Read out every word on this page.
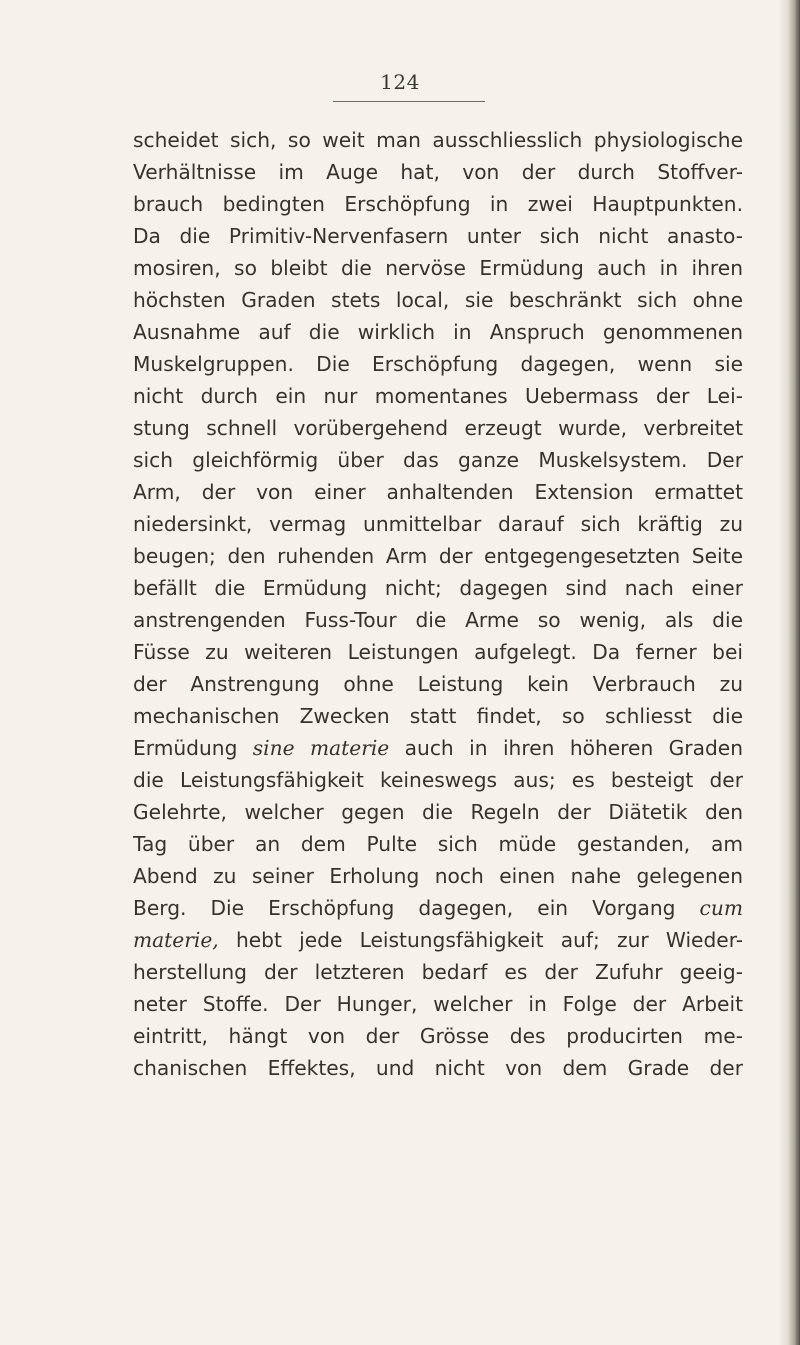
124
scheidet sich, so weit man ausschliesslich physiologische
Verhältnisse im Auge hat, von der durch Stoffver-
brauch bedingten Erschöpfung in zwei Hauptpunkten.
Da die Primitiv-Nervenfasern unter sich nicht anasto-
mosiren, so bleibt die nervöse Ermüdung auch in ihren
höchsten Graden stets local, sie beschränkt sich ohne
Ausnahme auf die wirklich in Anspruch genommenen
Muskelgruppen. Die Erschöpfung dagegen, wenn sie
nicht durch ein nur momentanes Uebermass der Lei-
stung schnell vorübergehend erzeugt wurde, verbreitet
sich gleichförmig über das ganze Muskelsystem. Der
Arm, der von einer anhaltenden Extension ermattet
niedersinkt, vermag unmittelbar darauf sich kräftig zu
beugen; den ruhenden Arm der entgegengesetzten Seite
befällt die Ermüdung nicht; dagegen sind nach einer
anstrengenden Fuss-Tour die Arme so wenig, als die
Füsse zu weiteren Leistungen aufgelegt. Da ferner bei
der Anstrengung ohne Leistung kein Verbrauch zu
mechanischen Zwecken statt findet, so schliesst die
Ermüdung sine materie auch in ihren höheren Graden
die Leistungsfähigkeit keineswegs aus; es besteigt der
Gelehrte, welcher gegen die Regeln der Diätetik den
Tag über an dem Pulte sich müde gestanden, am
Abend zu seiner Erholung noch einen nahe gelegenen
Berg. Die Erschöpfung dagegen, ein Vorgang cum
materie, hebt jede Leistungsfähigkeit auf; zur Wieder-
herstellung der letzteren bedarf es der Zufuhr geeig-
neter Stoffe. Der Hunger, welcher in Folge der Arbeit
eintritt, hängt von der Grösse des producirten me-
chanischen Effektes, und nicht von dem Grade der
